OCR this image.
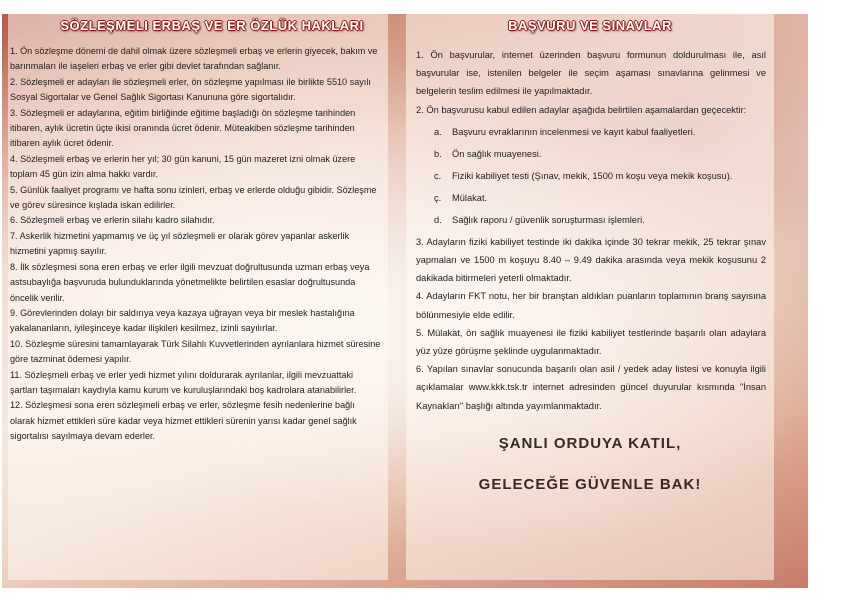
SÖZLEŞMELI ERBAŞ VE ER ÖZLÜK HAKLARI
1. Ön sözleşme dönemi de dahil olmak üzere sözleşmeli erbaş ve erlerin giyecek, bakım ve barınmaları ile iaşeleri erbaş ve erler gibi devlet tarafından sağlanır.
2. Sözleşmeli er adayları ile sözleşmeli erler, ön sözleşme yapılması ile birlikte 5510 sayılı Sosyal Sigortalar ve Genel Sağlık Sigortası Kanununa göre sigortalıdır.
3. Sözleşmeli er adaylarına, eğitim birliğinde eğitime başladığı ön sözleşme tarihinden itibaren, aylık ücretin üçte ikisi oranında ücret ödenir. Müteakiben sözleşme tarihinden itibaren aylık ücret ödenir.
4. Sözleşmeli erbaş ve erlerin her yıl; 30 gün kanuni, 15 gün mazeret izni olmak üzere toplam 45 gün izin alma hakkı vardır.
5. Günlük faaliyet programı ve hafta sonu izinleri, erbaş ve erlerde olduğu gibidir. Sözleşme ve görev süresince kışlada iskan edilirler.
6. Sözleşmeli erbaş ve erlerin silahı kadro silahıdır.
7. Askerlik hizmetini yapmamış ve üç yıl sözleşmeli er olarak görev yapanlar askerlik hizmetini yapmış sayılır.
8. İlk sözleşmesi sona eren erbaş ve erler ilgili mevzuat doğrultusunda uzman erbaş veya astsubaylığa başvuruda bulunduklarında yönetmelikte belirtilen esaslar doğrultusunda öncelik verilir.
9. Görevlerinden dolayı bir saldırıya veya kazaya uğrayan veya bir meslek hastalığına yakalananların, iyileşinceye kadar ilişkileri kesilmez, izinli sayılırlar.
10. Sözleşme süresini tamamlayarak Türk Silahlı Kuvvetlerinden ayrılanlara hizmet süresine göre tazminat ödemesi yapılır.
11. Sözleşmeli erbaş ve erler yedi hizmet yılını doldurarak ayrılanlar, ilgili mevzuattaki şartları taşımaları kaydıyla kamu kurum ve kuruluşlarındaki boş kadrolara atanabilirler.
12. Sözleşmesi sona eren sözleşmeli erbaş ve erler, sözleşme fesih nedenlerine bağlı olarak hizmet ettikleri süre kadar veya hizmet ettikleri sürenin yarısı kadar genel sağlık sigortalısı sayılmaya devam ederler.
BAŞVURU VE SINAVLAR
1. Ön başvurular, internet üzerinden başvuru formunun doldurulması ile, asıl başvurular ise, istenilen belgeler ile seçim aşaması sınavlarına gelinmesi ve belgelerin teslim edilmesi ile yapılmaktadır.
2. Ön başvurusu kabul edilen adaylar aşağıda belirtilen aşamalardan geçecektir:
a. Başvuru evraklarının incelenmesi ve kayıt kabul faaliyetleri.
b. Ön sağlık muayenesi.
c. Fiziki kabiliyet testi (Şınav, mekik, 1500 m koşu veya mekik koşusu).
ç. Mülakat.
d. Sağlık raporu / güvenlik soruşturması işlemleri.
3. Adayların fiziki kabiliyet testinde iki dakika içinde 30 tekrar mekik, 25 tekrar şınav yapmaları ve 1500 m koşuyu 8.40 – 9.49 dakika arasında veya mekik koşusunu 2 dakikada bitirmeleri yeterli olmaktadır.
4. Adayların FKT notu, her bir branştan aldıkları puanların toplamının branş sayısına bölünmesiyle elde edilir.
5. Mülakat, ön sağlık muayenesi ile fiziki kabiliyet testlerinde başarılı olan adaylara yüz yüze görüşme şeklinde uygulanmaktadır.
6. Yapılan sınavlar sonucunda başarılı olan asil / yedek aday listesi ve konuyla ilgili açıklamalar www.kkk.tsk.tr internet adresinden güncel duyurular kısmında "İnsan Kaynakları" başlığı altında yayımlanmaktadır.

ŞANLI ORDUYA KATIL,

GELECEĞE GÜVENLE BAK!
